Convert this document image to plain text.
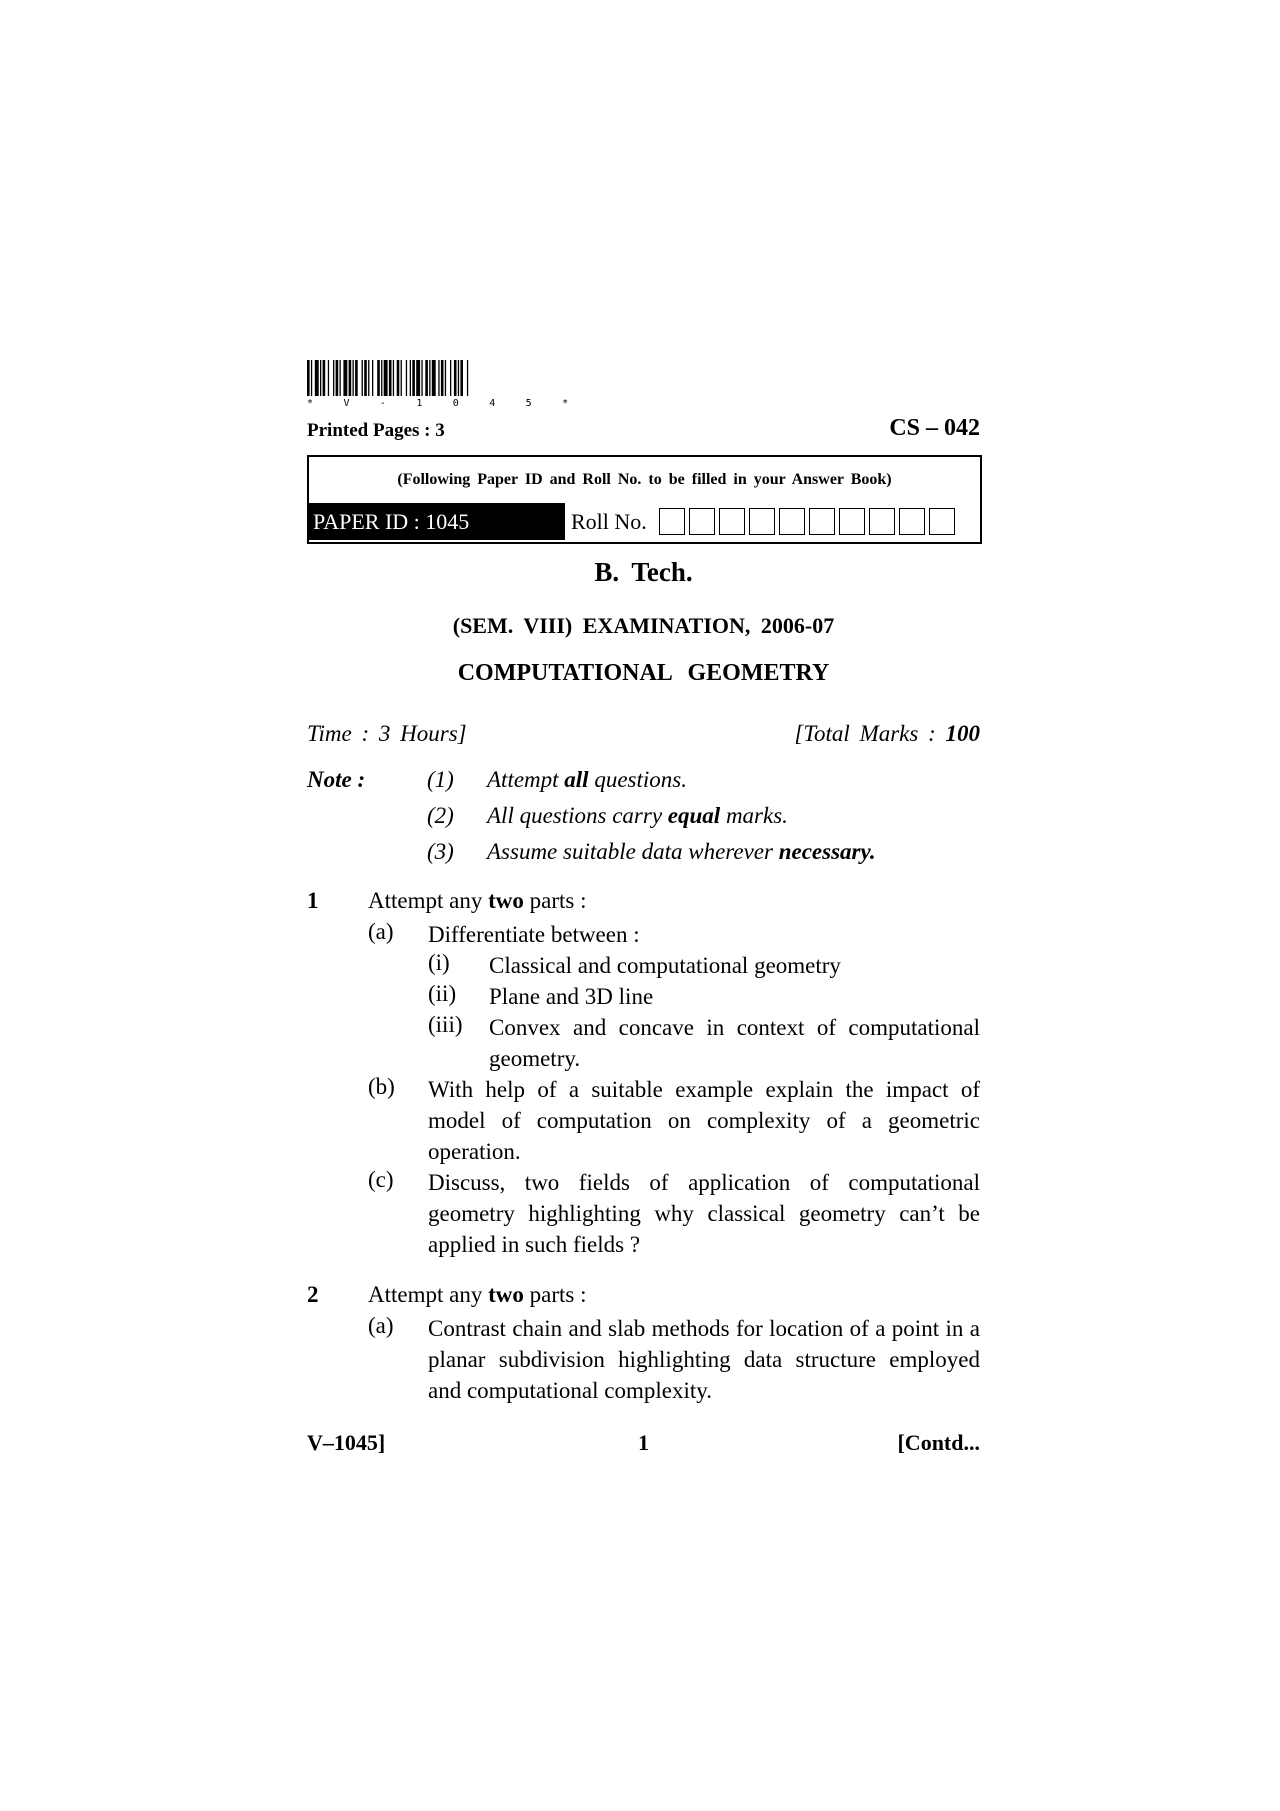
* V - 1 0 4 5 *
Printed Pages : 3	CS – 042
(Following Paper ID and Roll No. to be filled in your Answer Book)
PAPER ID : 1045	Roll No.
B. Tech.
(SEM. VIII) EXAMINATION, 2006-07
COMPUTATIONAL GEOMETRY
Time : 3 Hours]	[Total Marks : 100
Note :	(1) Attempt all questions.
(2) All questions carry equal marks.
(3) Assume suitable data wherever necessary.
1 Attempt any two parts :
(a) Differentiate between :
(i) Classical and computational geometry
(ii) Plane and 3D line
(iii) Convex and concave in context of computational geometry.
(b) With help of a suitable example explain the impact of model of computation on complexity of a geometric operation.
(c) Discuss, two fields of application of computational geometry highlighting why classical geometry can’t be applied in such fields ?
2 Attempt any two parts :
(a) Contrast chain and slab methods for location of a point in a planar subdivision highlighting data structure employed and computational complexity.
V–1045]	1	[Contd...
